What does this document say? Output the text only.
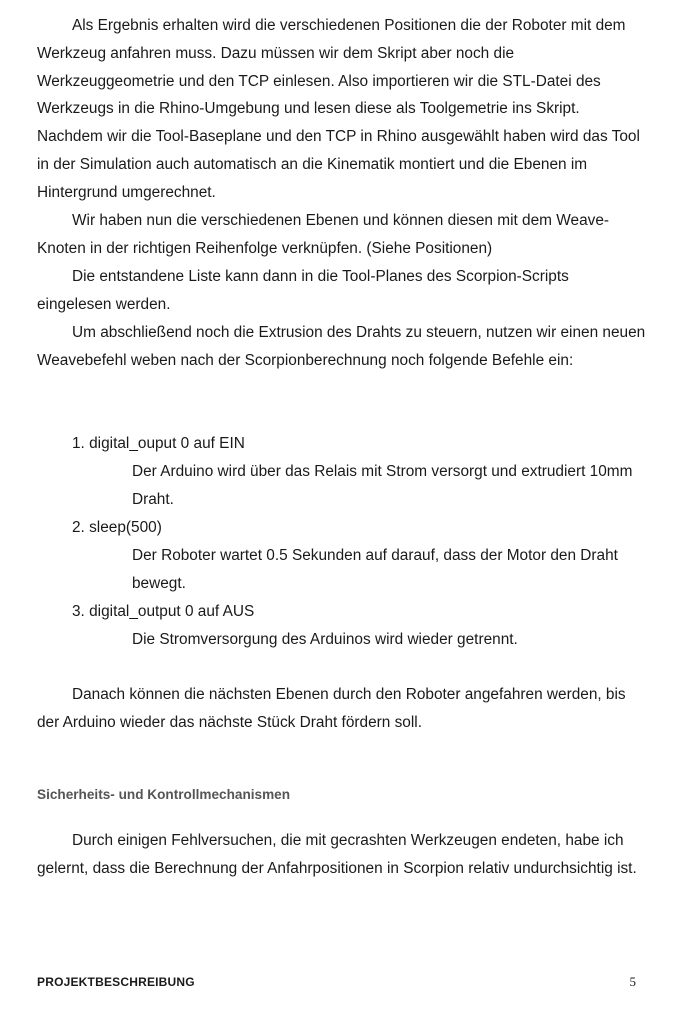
Als Ergebnis erhalten wird die verschiedenen Positionen die der Roboter mit dem Werkzeug anfahren muss. Dazu müssen wir dem Skript aber noch die Werkzeuggeometrie und den TCP einlesen. Also importieren wir die STL-Datei des Werkzeugs in die Rhino-Umgebung und lesen diese als Toolgemetrie ins Skript. Nachdem wir die Tool-Baseplane und den TCP in Rhino ausgewählt haben wird das Tool in der Simulation auch automatisch an die Kinematik montiert und die Ebenen im Hintergrund umgerechnet.

Wir haben nun die verschiedenen Ebenen und können diesen mit dem Weave-Knoten in der richtigen Reihenfolge verknüpfen. (Siehe Positionen)

Die entstandene Liste kann dann in die Tool-Planes des Scorpion-Scripts eingelesen werden.

Um abschließend noch die Extrusion des Drahts zu steuern, nutzen wir einen neuen Weavebefehl weben nach der Scorpionberechnung noch folgende Befehle ein:

1. digital_ouput 0 auf EIN

Der Arduino wird über das Relais mit Strom versorgt und extrudiert 10mm Draht.

2. sleep(500)

Der Roboter wartet 0.5 Sekunden auf darauf, dass der Motor den Draht bewegt.

3. digital_output 0 auf AUS

Die Stromversorgung des Arduinos wird wieder getrennt.

Danach können die nächsten Ebenen durch den Roboter angefahren werden, bis der Arduino wieder das nächste Stück Draht fördern soll.

Sicherheits- und Kontrollmechanismen

Durch einigen Fehlversuchen, die mit gecrashten Werkzeugen endeten, habe ich gelernt, dass die Berechnung der Anfahrpositionen in Scorpion relativ undurchsichtig ist.

PROJEKTBESCHREIBUNG	5
